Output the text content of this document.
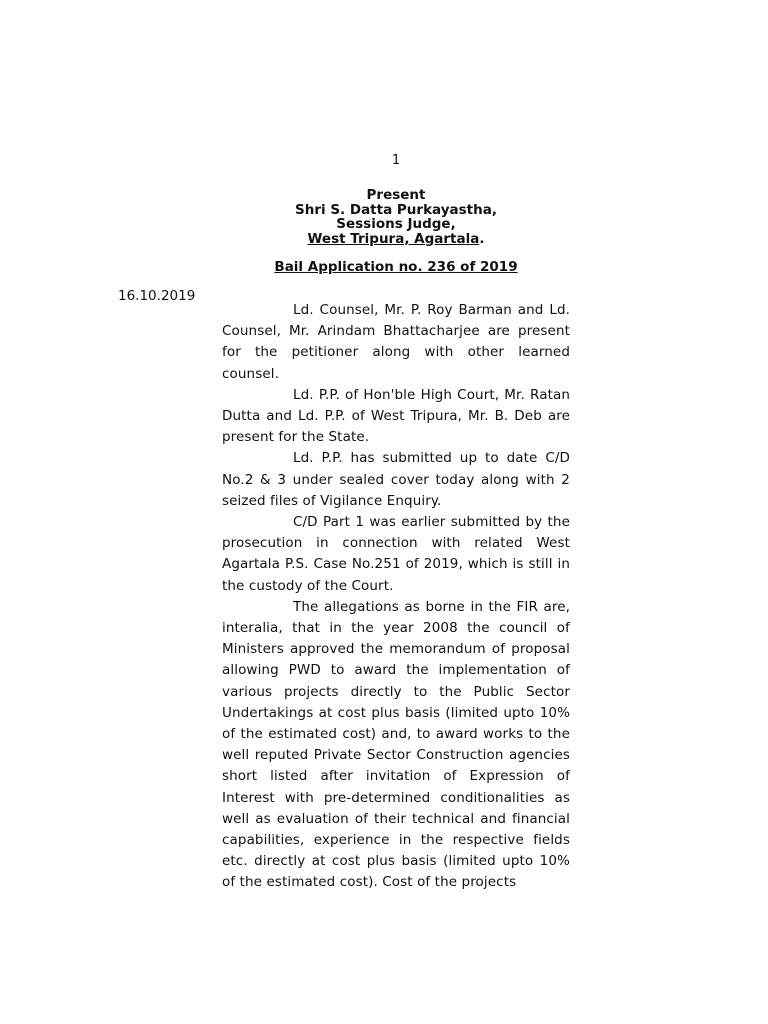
1
Present
Shri S. Datta Purkayastha,
Sessions Judge,
West Tripura, Agartala.
Bail Application no. 236 of 2019
16.10.2019

Ld. Counsel, Mr. P. Roy Barman and Ld. Counsel, Mr. Arindam Bhattacharjee are present for the petitioner along with other learned counsel.

Ld. P.P. of Hon'ble High Court, Mr. Ratan Dutta and Ld. P.P. of West Tripura, Mr. B. Deb are present for the State.

Ld. P.P. has submitted up to date C/D No.2 & 3 under sealed cover today along with 2 seized files of Vigilance Enquiry.

C/D Part 1 was earlier submitted by the prosecution in connection with related West Agartala P.S. Case No.251 of 2019, which is still in the custody of the Court.

The allegations as borne in the FIR are, interalia, that in the year 2008 the council of Ministers approved the memorandum of proposal allowing PWD to award the implementation of various projects directly to the Public Sector Undertakings at cost plus basis (limited upto 10% of the estimated cost) and, to award works to the well reputed Private Sector Construction agencies short listed after invitation of Expression of Interest with pre-determined conditionalities as well as evaluation of their technical and financial capabilities, experience in the respective fields etc. directly at cost plus basis (limited upto 10% of the estimated cost). Cost of the projects
